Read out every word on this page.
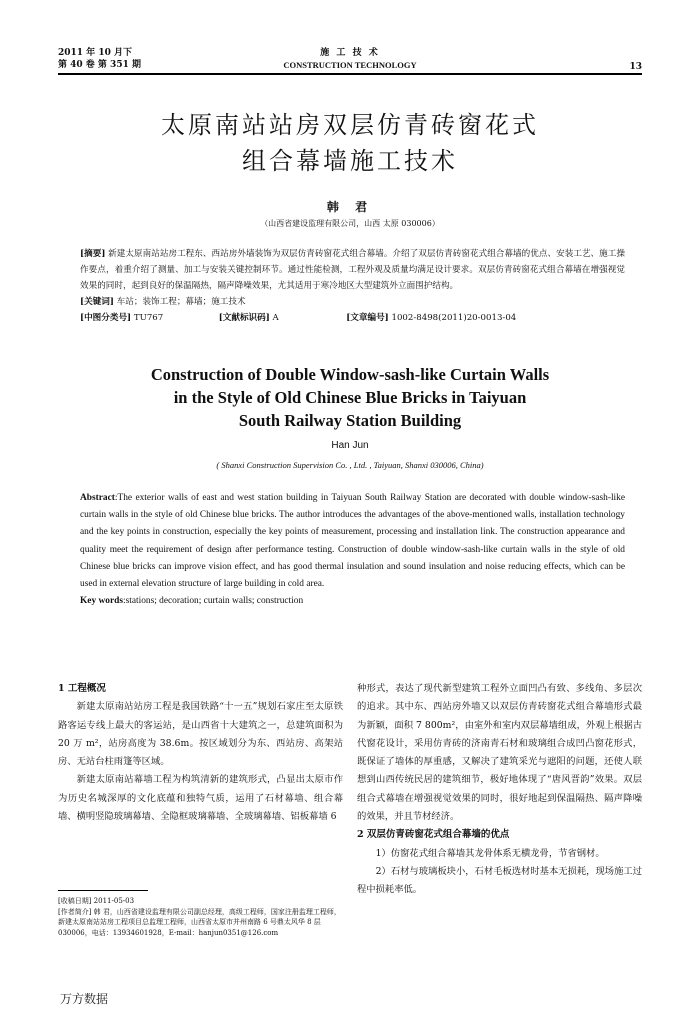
2011 年 10 月下
第 40 卷 第 351 期
施 工 技 术
CONSTRUCTION TECHNOLOGY	13
太原南站站房双层仿青砖窗花式
组合幕墙施工技术
韩 君
（山西省建设监理有限公司，山西 太原 030006）
[摘要] 新建太原南站站房工程东、西站房外墙装饰为双层仿青砖窗花式组合幕墙。介绍了双层仿青砖窗花式组合幕墙的优点、安装工艺、施工操作要点，着重介绍了测量、加工与安装关键控制环节。通过性能检测，工程外观及质量均满足设计要求。双层仿青砖窗花式组合幕墙在增强视觉效果的同时，起到良好的保温隔热，隔声降噪效果，尤其适用于寒冷地区大型建筑外立面围护结构。
[关键词] 车站；装饰工程；幕墙；施工技术
[中图分类号] TU767	[文献标识码] A	[文章编号] 1002-8498(2011)20-0013-04
Construction of Double Window-sash-like Curtain Walls
in the Style of Old Chinese Blue Bricks in Taiyuan
South Railway Station Building
Han Jun
( Shanxi Construction Supervision Co. , Ltd. , Taiyuan, Shanxi 030006, China)
Abstract:The exterior walls of east and west station building in Taiyuan South Railway Station are decorated with double window-sash-like curtain walls in the style of old Chinese blue bricks. The author introduces the advantages of the above-mentioned walls, installation technology and the key points in construction, especially the key points of measurement, processing and installation link. The construction appearance and quality meet the requirement of design after performance testing. Construction of double window-sash-like curtain walls in the style of old Chinese blue bricks can improve vision effect, and has good thermal insulation and sound insulation and noise reducing effects, which can be used in external elevation structure of large building in cold area.
Key words:stations; decoration; curtain walls; construction
1 工程概况

新建太原南站站房工程是我国铁路“十一五”规划石家庄至太原铁路客运专线上最大的客运站，是山西省十大建筑之一，总建筑面积为 20 万 m²，站房高度为 38.6m。按区域划分为东、西站房、高架站房、无站台柱雨篷等区域。

新建太原南站幕墙工程为构筑清新的建筑形式，凸显出太原市作为历史名城深厚的文化底蕴和独特气质，运用了石材幕墙、组合幕墙、横明竖隐玻璃幕墙、全隐框玻璃幕墙、全玻璃幕墙、铝板幕墙 6

[收稿日期] 2011-05-03
[作者简介] 韩 君，山西省建设监理有限公司副总经理，高级工程师，国家注册监理工程师，新建太原南站站房工程项目总监理工程师，山西省太原市并州南路 6 号鼎太风华 8 层 030006，电话：13934601928，E-mail：hanjun0351@126.com
种形式，表达了现代新型建筑工程外立面凹凸有致、多线角、多层次的追求。其中东、西站房外墙又以双层仿青砖窗花式组合幕墙形式最为新颖，面积 7 800m²，由室外和室内双层幕墙组成，外观上根据古代窗花设计，采用仿青砖的济南青石材和玻璃组合成凹凸窗花形式，既保证了墙体的厚重感，又解决了建筑采光与遮阳的问题，还使人联想到山西传统民居的建筑细节，极好地体现了“唐风晋韵”效果。双层组合式幕墙在增强视觉效果的同时，很好地起到保温隔热、隔声降噪的效果，并且节材经济。
2 双层仿青砖窗花式组合幕墙的优点

1）仿窗花式组合幕墙其龙骨体系无横龙骨，节省钢材。

2）石材与玻璃板块小，石材毛板选材时基本无损耗，现场施工过程中损耗率低。

万方数据
